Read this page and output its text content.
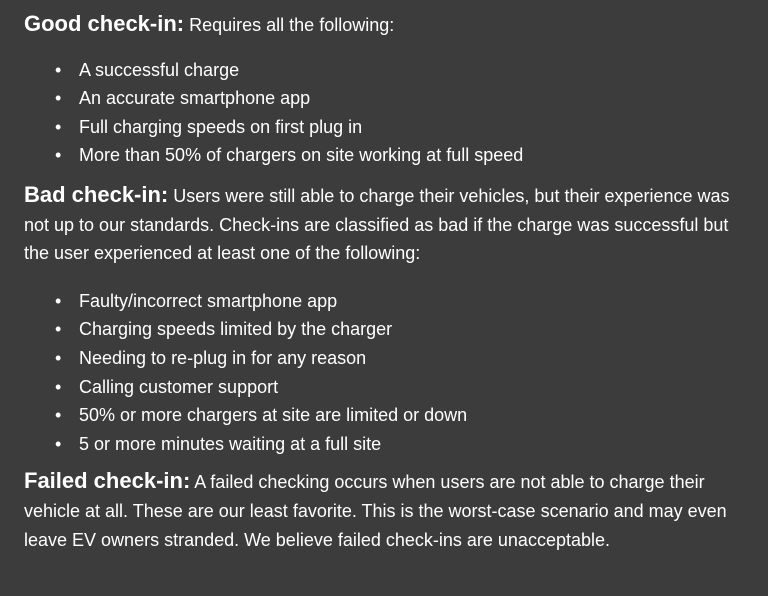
Good check-in: Requires all the following:

• A successful charge
• An accurate smartphone app
• Full charging speeds on first plug in
• More than 50% of chargers on site working at full speed

Bad check-in: Users were still able to charge their vehicles, but their experience was not up to our standards. Check-ins are classified as bad if the charge was successful but the user experienced at least one of the following:

• Faulty/incorrect smartphone app
• Charging speeds limited by the charger
• Needing to re-plug in for any reason
• Calling customer support
• 50% or more chargers at site are limited or down
• 5 or more minutes waiting at a full site

Failed check-in: A failed checking occurs when users are not able to charge their vehicle at all. These are our least favorite. This is the worst-case scenario and may even leave EV owners stranded. We believe failed check-ins are unacceptable.
